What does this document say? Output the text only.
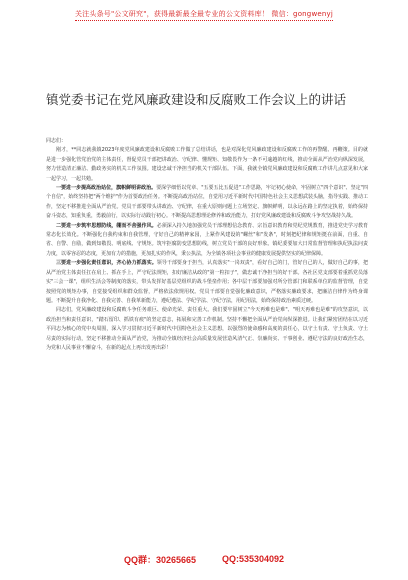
关注头条号"公文研究"，获得最新最全最专业的公文资料库！ 微信：gongwenyj
镇党委书记在党风廉政建设和反腐败工作会议上的讲话

同志们：

刚才，**同志就我镇2023年度党风廉政建设和反腐败工作做了总结讲话，也是对深化党风廉政建设和反腐败工作的再警醒、再鞭策。目的就是进一步强化管党治党的主体责任，督促党员干部把讲政治、守纪律、懂规矩、知敬畏作为一条不可逾越的红线，推动全面从严治党向纵深发展，努力营造清正廉洁、勤政务实的机关工作氛围。建设忠诚干净担当的机关干部队伍。下面，我就全镇党风廉政建设和反腐败工作讲几点意见和大家一起学习，一起共勉。

一要进一步提高政治站位，旗帜鲜明讲政治。要深学细悟以党章、"五要五比五促进"工作思路，牢记初心使命，牢固树立"四个意识"、坚定"四个自信"，始终坚持把"两个维护"作为首要政治任务。不断提高政治站位，自觉用习近平新时代中国特色社会主义思想武装头脑，指导实践、推动工作，坚定不移推进全面从严治党。党员干部要带头讲政治、守纪律，在重大原则问题上立场坚定、旗帜鲜明，以永远在路上的坚定执着，始终保持奋斗姿态，知重负重，勇毅前行，以实际行动践行初心。不断提高思想理论修养和政治能力，打好党风廉政建设和反腐败斗争攻坚战持久战。

二要进一步筑牢思想防线，绷而不舍强作风。必须深入持久地加强党员干部理想信念教育、宗旨意识教育和党纪党规教育，推进党史学习教育常态化长效化。不断强化自我约束和自我管理，守好自己的精神家园，上紧作风建设的"螺丝"和"发条"，时刻把纪律和规矩挺在前面，自重、自省、自警、自励，做到知敬畏、明底线、守规矩。筑牢拒腐防变思想防线，树立党员干部的良好形象。镇纪委要加大日常监督管理和执纪执法问责力度，以零容忍的态度，更加有力的措施，更加扎实的作风，秉公执法，为全镇各项社会事业的健康发展提供坚实的纪律保障。

三要进一步强化责任意识，齐心协力抓落实。领导干部要身于担当，认真落实"一岗双责"，看好自己的门，管好自己的人，做好自己的事，把从严治党主体责任扛在肩上、抓在手上，严守纪法规矩，扣好廉洁从政的"第一粒扣子"，做忠诚干净担当的好干部。各社区党支部要着重抓党员落实"三会一课"，组织生活会等制度的落实，带头发挥好基层党组织的战斗堡垒作用；各中层干部要加强对所分管部门和联系单位的监督管理，自觉按照党的规矩办事，自觉接受组织和群众监督，严格依法依规用权。党员干部要自觉强化廉政意识，严格落实廉政要求，把廉洁自律作为终身课题。不断提升自我净化、自我完善、自我革新能力，遵纪遵法、学纪学法、守纪守法，用纪用法，始终保持政治素质过硬。

同志们，党风廉政建设和反腐败斗争任务艰巨、使命光荣、责任重大。我们要牢固树立"今天再难也是难"、"明天再难也是难"的攻坚意识，以政治担当和责任意识，"踏石留印、抓铁有痕"的坚定意志，拓展和完善工作机制。坚持不懈把全面从严治党向纵深推进。让我们紧密团结在以习近平同志为核心的党中央周围，深入学习贯彻习近平新时代中国特色社会主义思想，以强烈的使命感和高度的责任心，以守土有责、守土负责、守土尽责的实际行动，坚定不移推动全面从严治党，为推动全镇经济社会高质量发展营造风清气正、崇廉尚实、干事创业、遵纪守法的良好政治生态，为党和人民事业不懈奋斗，在新的起点上再出发再出彩！

QQ群：30265665	QQ:535304092
